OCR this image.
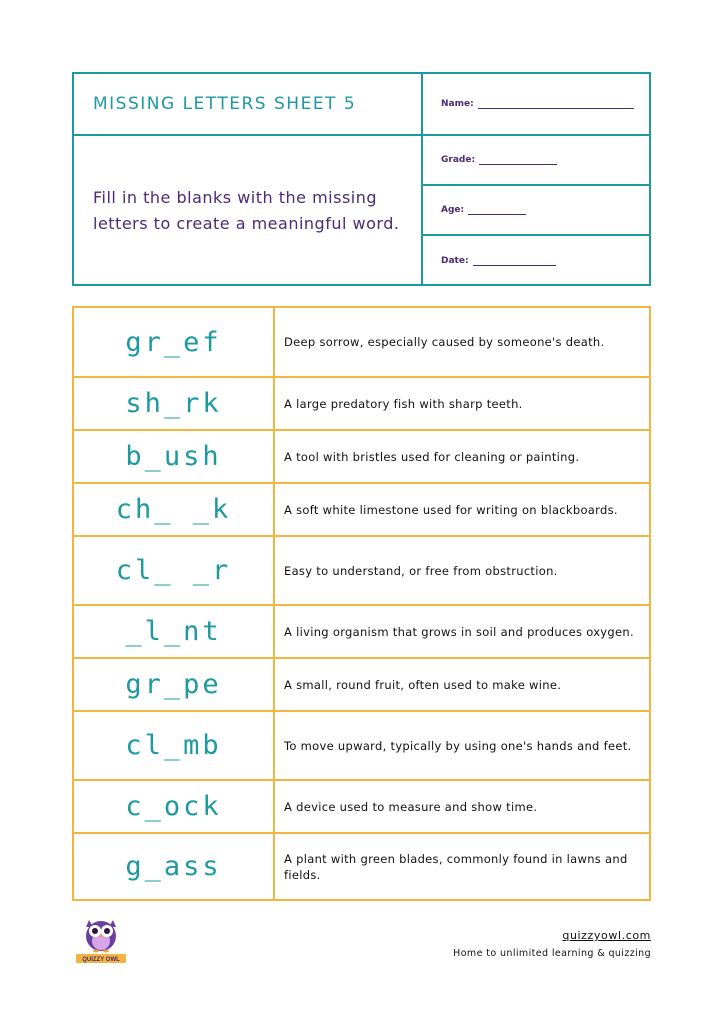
MISSING LETTERS SHEET 5
Fill in the blanks with the missing letters to create a meaningful word.
Name:
Grade:
Age:
Date:
gr_ef	Deep sorrow, especially caused by someone's death.
sh_rk	A large predatory fish with sharp teeth.
b_ush	A tool with bristles used for cleaning or painting.
ch_ _k	A soft white limestone used for writing on blackboards.
cl_ _r	Easy to understand, or free from obstruction.
_l_nt	A living organism that grows in soil and produces oxygen.
gr_pe	A small, round fruit, often used to make wine.
cl_mb	To move upward, typically by using one's hands and feet.
c_ock	A device used to measure and show time.
g_ass	A plant with green blades, commonly found in lawns and fields.
QUIZZY OWL
quizzyowl.com
Home to unlimited learning & quizzing
